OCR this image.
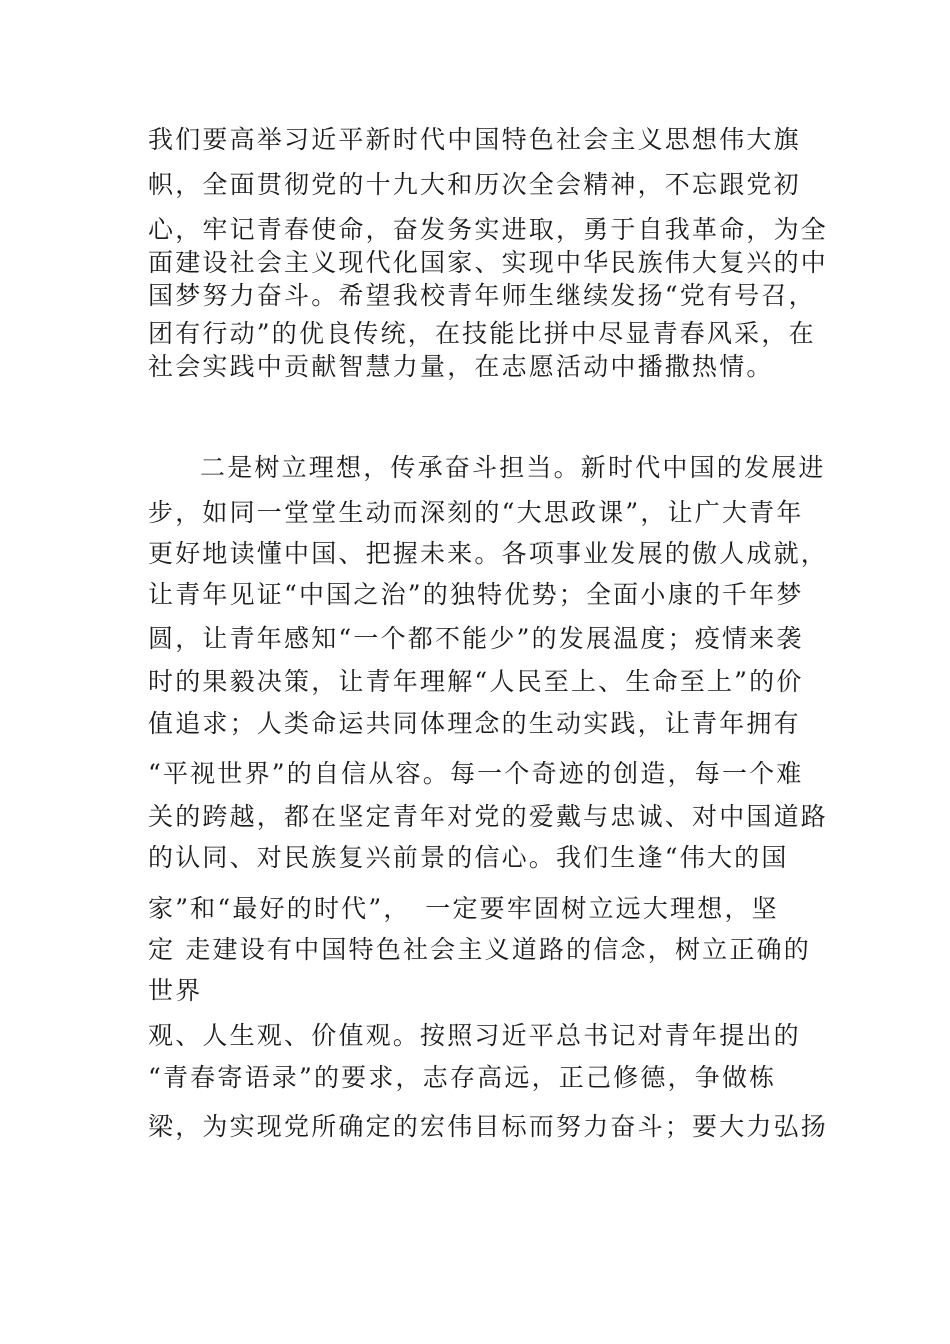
我们要高举习近平新时代中国特色社会主义思想伟大旗

帜，全面贯彻党的十九大和历次全会精神，不忘跟党初

心，牢记青春使命，奋发务实进取，勇于自我革命，为全

面建设社会主义现代化国家、实现中华民族伟大复兴的中

国梦努力奋斗。希望我校青年师生继续发扬“党有号召，

团有行动”的优良传统，在技能比拼中尽显青春风采，在

社会实践中贡献智慧力量，在志愿活动中播撒热情。

二是树立理想，传承奋斗担当。新时代中国的发展进

步，如同一堂堂生动而深刻的“大思政课”，让广大青年

更好地读懂中国、把握未来。各项事业发展的傲人成就，

让青年见证“中国之治”的独特优势；全面小康的千年梦

圆，让青年感知“一个都不能少”的发展温度；疫情来袭

时的果毅决策，让青年理解“人民至上、生命至上”的价

值追求；人类命运共同体理念的生动实践，让青年拥有

“平视世界”的自信从容。每一个奇迹的创造，每一个难

关的跨越，都在坚定青年对党的爱戴与忠诚、对中国道路

的认同、对民族复兴前景的信心。我们生逢“伟大的国

家”和“最好的时代”，　一定要牢固树立远大理想，坚

定 走建设有中国特色社会主义道路的信念，树立正确的

世界

观、人生观、价值观。按照习近平总书记对青年提出的

“青春寄语录”的要求，志存高远，正己修德，争做栋

梁，为实现党所确定的宏伟目标而努力奋斗；要大力弘扬
